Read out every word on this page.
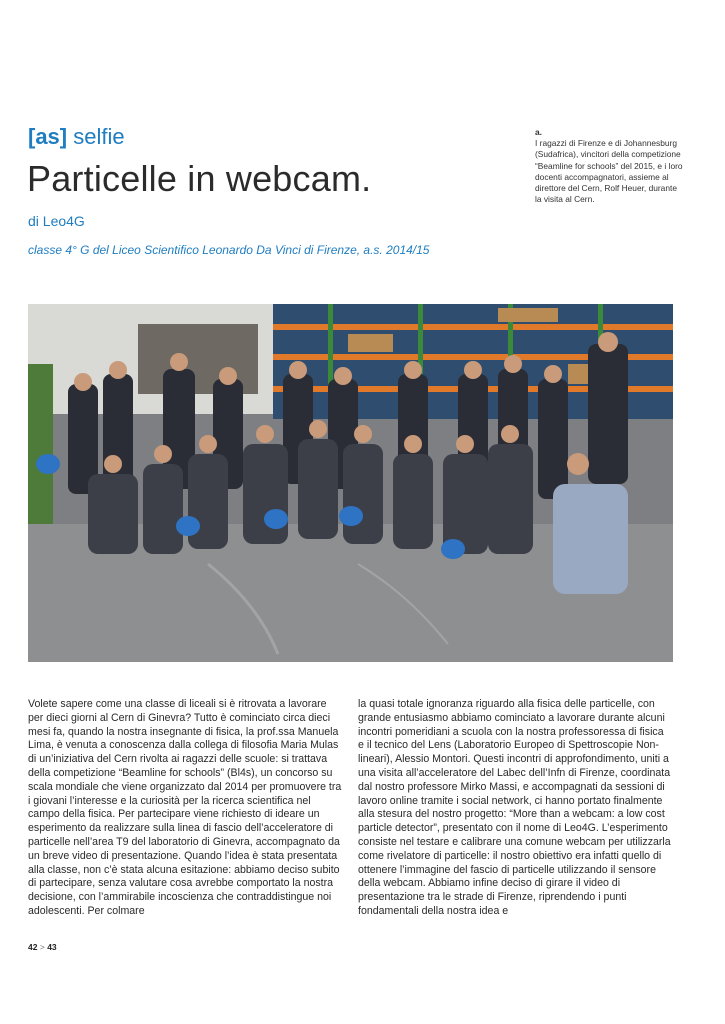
[as] selfie
Particelle in webcam.
di Leo4G
classe 4° G del Liceo Scientifico Leonardo Da Vinci di Firenze, a.s. 2014/15
a.
I ragazzi di Firenze e di Johannesburg (Sudafrica), vincitori della competizione “Beamline for schools” del 2015, e i loro docenti accompagnatori, assieme al direttore del Cern, Rolf Heuer, durante la visita al Cern.
Volete sapere come una classe di liceali si è ritrovata a lavorare per dieci giorni al Cern di Ginevra? Tutto è cominciato circa dieci mesi fa, quando la nostra insegnante di fisica, la prof.ssa Manuela Lima, è venuta a conoscenza dalla collega di filosofia Maria Mulas di un’iniziativa del Cern rivolta ai ragazzi delle scuole: si trattava della competizione “Beamline for schools” (Bl4s), un concorso su scala mondiale che viene organizzato dal 2014 per promuovere tra i giovani l’interesse e la curiosità per la ricerca scientifica nel campo della fisica. Per partecipare viene richiesto di ideare un esperimento da realizzare sulla linea di fascio dell’acceleratore di particelle nell’area T9 del laboratorio di Ginevra, accompagnato da un breve video di presentazione. Quando l’idea è stata presentata alla classe, non c’è stata alcuna esitazione: abbiamo deciso subito di partecipare, senza valutare cosa avrebbe comportato la nostra decisione, con l’ammirabile incoscienza che contraddistingue noi adolescenti. Per colmare
la quasi totale ignoranza riguardo alla fisica delle particelle, con grande entusiasmo abbiamo cominciato a lavorare durante alcuni incontri pomeridiani a scuola con la nostra professoressa di fisica e il tecnico del Lens (Laboratorio Europeo di Spettroscopie Non-lineari), Alessio Montori. Questi incontri di approfondimento, uniti a una visita all’acceleratore del Labec dell’Infn di Firenze, coordinata dal nostro professore Mirko Massi, e accompagnati da sessioni di lavoro online tramite i social network, ci hanno portato finalmente alla stesura del nostro progetto: “More than a webcam: a low cost particle detector”, presentato con il nome di Leo4G. L’esperimento consiste nel testare e calibrare una comune webcam per utilizzarla come rivelatore di particelle: il nostro obiettivo era infatti quello di ottenere l’immagine del fascio di particelle utilizzando il sensore della webcam. Abbiamo infine deciso di girare il video di presentazione tra le strade di Firenze, riprendendo i punti fondamentali della nostra idea e
42 > 43
